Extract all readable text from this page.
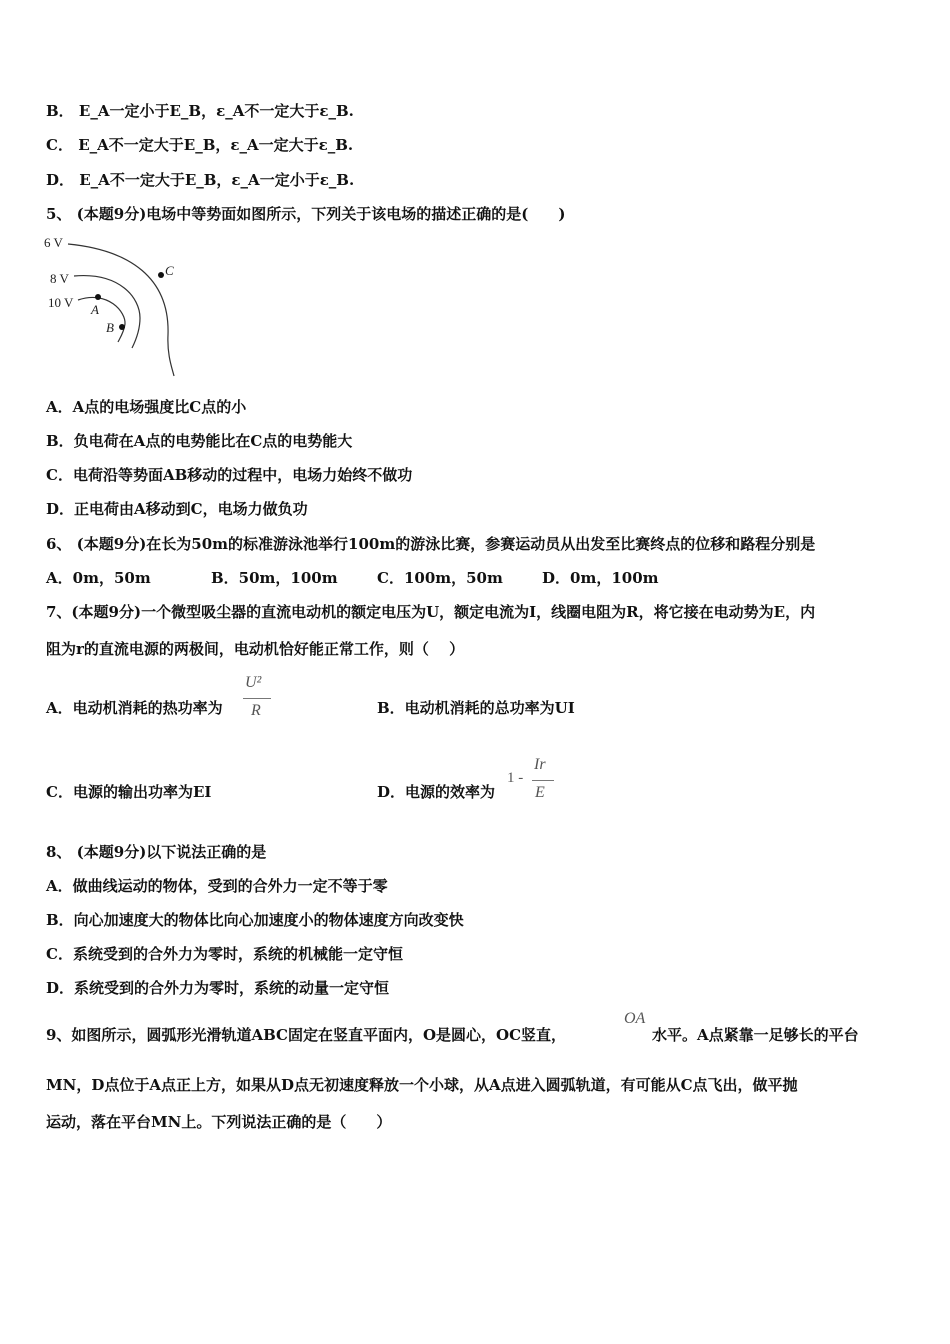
B． E_A一定小于E_B，ε_A不一定大于ε_B.
C． E_A不一定大于E_B，ε_A一定大于ε_B.
D． E_A不一定大于E_B，ε_A一定小于ε_B.
5、 (本题9分)电场中等势面如图所示，下列关于该电场的描述正确的是(　　)
6 V
8 V
10 V A
B
C
A．A点的电场强度比C点的小
B．负电荷在A点的电势能比在C点的电势能大
C．电荷沿等势面AB移动的过程中，电场力始终不做功
D．正电荷由A移动到C，电场力做负功
6、 (本题9分)在长为50m的标准游泳池举行100m的游泳比赛，参赛运动员从出发至比赛终点的位移和路程分别是
A．0m，50m	B．50m，100m	C．100m，50m	D．0m，100m
7、(本题9分)一个微型吸尘器的直流电动机的额定电压为U，额定电流为I，线圈电阻为R，将它接在电动势为E，内
阻为r的直流电源的两极间，电动机恰好能正常工作，则（　 ）
A．电动机消耗的热功率为
U²
R	B．电动机消耗的总功率为UI
C．电源的输出功率为EI	D．电源的效率为
1 -
Ir
E
8、 (本题9分)以下说法正确的是
A．做曲线运动的物体，受到的合外力一定不等于零
B．向心加速度大的物体比向心加速度小的物体速度方向改变快
C．系统受到的合外力为零时，系统的机械能一定守恒
D．系统受到的合外力为零时，系统的动量一定守恒
9、如图所示，圆弧形光滑轨道ABC固定在竖直平面内，O是圆心，OC竖直，
OA
水平。A点紧靠一足够长的平台
MN，D点位于A点正上方，如果从D点无初速度释放一个小球，从A点进入圆弧轨道，有可能从C点飞出，做平抛
运动，落在平台MN上。下列说法正确的是（　　）
